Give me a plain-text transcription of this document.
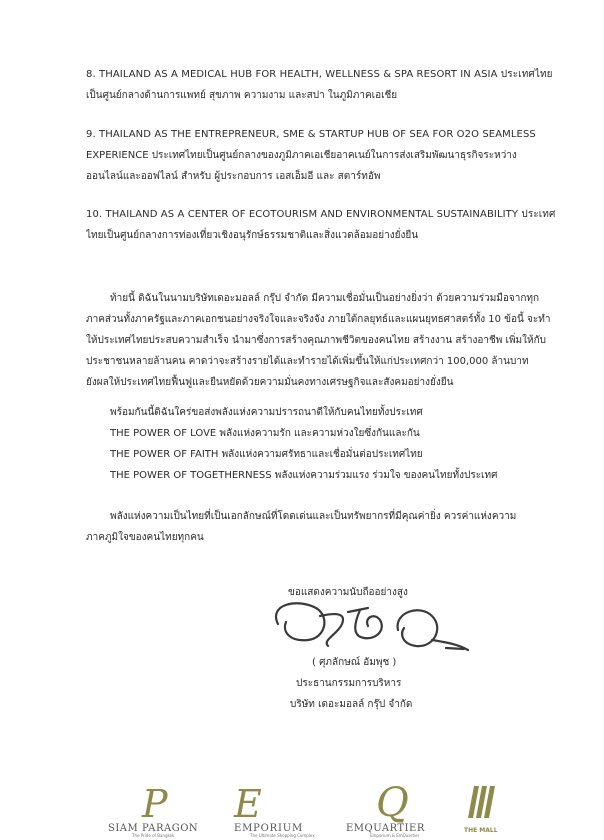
8. THAILAND AS A MEDICAL HUB FOR HEALTH, WELLNESS & SPA RESORT IN ASIA ประเทศไทย
เป็นศูนย์กลางด้านการแพทย์ สุขภาพ ความงาม และสปา ในภูมิภาคเอเชีย
9. THAILAND AS THE ENTREPRENEUR, SME & STARTUP HUB OF SEA FOR O2O SEAMLESS
EXPERIENCE ประเทศไทยเป็นศูนย์กลางของภูมิภาคเอเชียอาคเนย์ในการส่งเสริมพัฒนาธุรกิจระหว่าง
ออนไลน์และออฟไลน์ สำหรับ ผู้ประกอบการ เอสเอ็มอี และ สตาร์ทอัพ
10. THAILAND AS A CENTER OF ECOTOURISM AND ENVIRONMENTAL SUSTAINABILITY ประเทศ
ไทยเป็นศูนย์กลางการท่องเที่ยวเชิงอนุรักษ์ธรรมชาติและสิ่งแวดล้อมอย่างยั่งยืน
ท้ายนี้ ดิฉันในนามบริษัทเดอะมอลล์ กรุ๊ป จำกัด มีความเชื่อมั่นเป็นอย่างยิ่งว่า ด้วยความร่วมมือจากทุก
ภาคส่วนทั้งภาครัฐและภาคเอกชนอย่างจริงใจและจริงจัง ภายใต้กลยุทธ์และแผนยุทธศาสตร์ทั้ง 10 ข้อนี้ จะทำ
ให้ประเทศไทยประสบความสำเร็จ นำมาซึ่งการสร้างคุณภาพชีวิตของคนไทย สร้างงาน สร้างอาชีพ เพิ่มให้กับ
ประชาชนหลายล้านคน คาดว่าจะสร้างรายได้และทำรายได้เพิ่มขึ้นให้แก่ประเทศกว่า 100,000 ล้านบาท
ยังผลให้ประเทศไทยฟื้นฟูและยืนหยัดด้วยความมั่นคงทางเศรษฐกิจและสังคมอย่างยั่งยืน
พร้อมกันนี้ดิฉันใคร่ขอส่งพลังแห่งความปรารถนาดีให้กับคนไทยทั้งประเทศ
THE POWER OF LOVE พลังแห่งความรัก และความห่วงใยซึ่งกันและกัน
THE POWER OF FAITH พลังแห่งความศรัทธาและเชื่อมั่นต่อประเทศไทย
THE POWER OF TOGETHERNESS พลังแห่งความร่วมแรง ร่วมใจ ของคนไทยทั้งประเทศ
พลังแห่งความเป็นไทยที่เป็นเอกลักษณ์ที่โดดเด่นและเป็นทรัพยากรที่มีคุณค่ายิ่ง ควรค่าแห่งความ
ภาคภูมิใจของคนไทยทุกคน
ขอแสดงความนับถืออย่างสูง
( ศุภลักษณ์ อัมพุช )
ประธานกรรมการบริหาร
บริษัท เดอะมอลล์ กรุ๊ป จำกัด
P
SIAM PARAGON
The Pride of Bangkok
E
EMPORIUM
The Ultimate Shopping Complex
Q
EMQUARTIER
Emporium & EmQuartier
THE MALL
